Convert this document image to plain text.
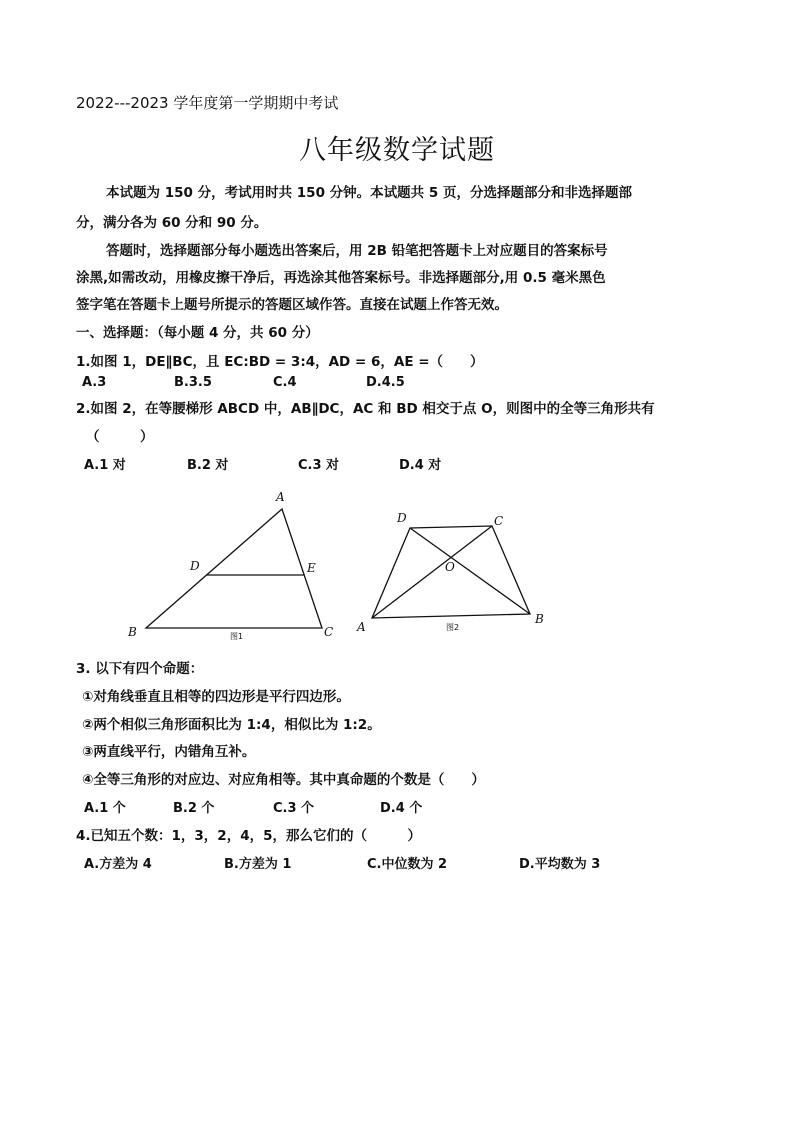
2022---2023 学年度第一学期期中考试
八年级数学试题
本试题为 150 分，考试用时共 150 分钟。本试题共 5 页，分选择题部分和非选择题部
分，满分各为 60 分和 90 分。
答题时，选择题部分每小题选出答案后，用 2B 铅笔把答题卡上对应题目的答案标号
涂黑,如需改动，用橡皮擦干净后，再选涂其他答案标号。非选择题部分,用 0.5 毫米黑色
签字笔在答题卡上题号所提示的答题区域作答。直接在试题上作答无效。
一、选择题：（每小题 4 分，共 60 分）
1.如图 1，DE∥BC，且 EC:BD = 3:4，AD = 6，AE =（　　）
A.3	B.3.5	C.4	D.4.5
2.如图 2，在等腰梯形 ABCD 中，AB∥DC，AC 和 BD 相交于点 O，则图中的全等三角形共有
（　　　）
A.1 对	B.2 对	C.3 对	D.4 对
A
B	C
D	E
图1
A
B
C
D
O
图2
3. 以下有四个命题：
①对角线垂直且相等的四边形是平行四边形。
②两个相似三角形面积比为 1:4，相似比为 1:2。
③两直线平行，内错角互补。
④全等三角形的对应边、对应角相等。其中真命题的个数是（　　）
A.1 个	B.2 个	C.3 个	D.4 个
4.已知五个数：1，3，2，4，5，那么它们的（　　　）
A.方差为 4	B.方差为 1	C.中位数为 2	D.平均数为 3
